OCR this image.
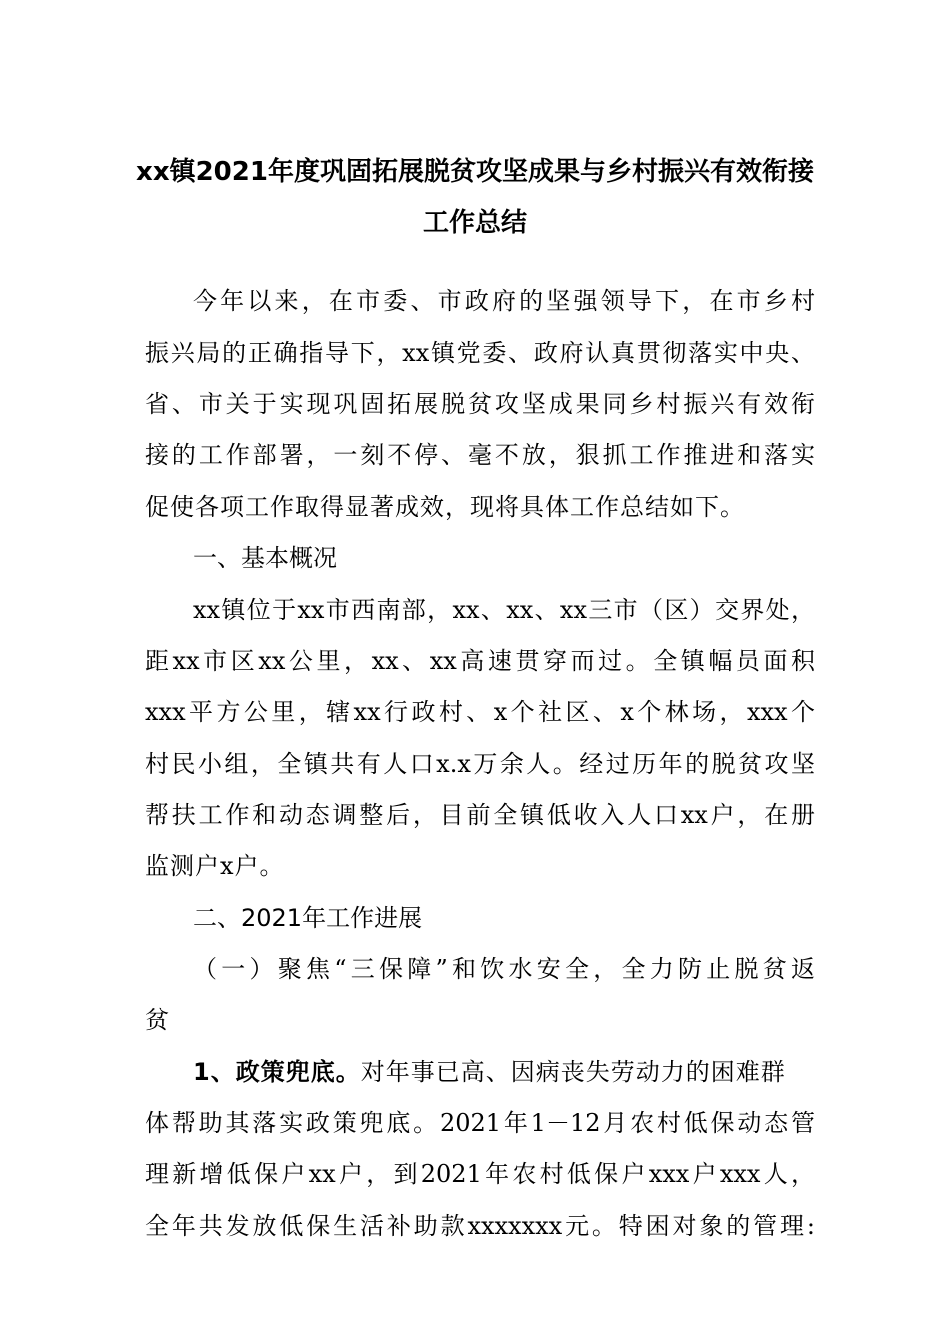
xx镇2021年度巩固拓展脱贫攻坚成果与乡村振兴有效衔接
工作总结
今年以来，在市委、市政府的坚强领导下，在市乡村
振兴局的正确指导下，xx镇党委、政府认真贯彻落实中央、
省、市关于实现巩固拓展脱贫攻坚成果同乡村振兴有效衔
接的工作部署，一刻不停、毫不放，狠抓工作推进和落实
促使各项工作取得显著成效，现将具体工作总结如下。
一、基本概况
xx镇位于xx市西南部，xx、xx、xx三市（区）交界处，
距xx市区xx公里，xx、xx高速贯穿而过。全镇幅员面积
xxx平方公里，辖xx行政村、x个社区、x个林场，xxx个
村民小组，全镇共有人口x.x万余人。经过历年的脱贫攻坚
帮扶工作和动态调整后，目前全镇低收入人口xx户，在册
监测户x户。
二、2021年工作进展
（一）聚焦“三保障”和饮水安全，全力防止脱贫返
贫
1、政策兜底。对年事已高、因病丧失劳动力的困难群
体帮助其落实政策兜底。2021年1－12月农村低保动态管
理新增低保户xx户，到2021年农村低保户xxx户xxx人，
全年共发放低保生活补助款xxxxxxx元。特困对象的管理:
